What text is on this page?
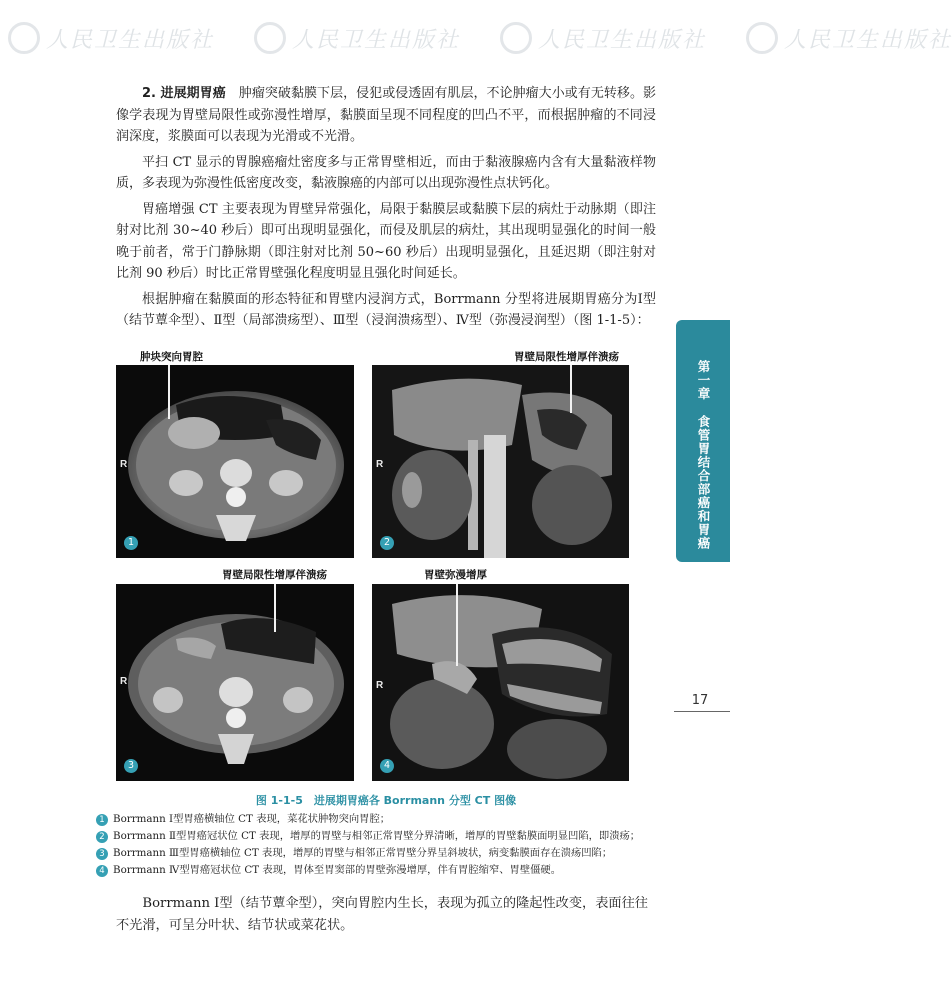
人民卫生出版社	人民卫生出版社	人民卫生出版社	人民卫生出版社

2. 进展期胃癌　 肿瘤突破黏膜下层，侵犯或侵透固有肌层，不论肿瘤大小或有无转移。影像学表现为胃壁局限性或弥漫性增厚，黏膜面呈现不同程度的凹凸不平，而根据肿瘤的不同浸润深度，浆膜面可以表现为光滑或不光滑。

平扫 CT 显示的胃腺癌瘤灶密度多与正常胃壁相近，而由于黏液腺癌内含有大量黏液样物质，多表现为弥漫性低密度改变，黏液腺癌的内部可以出现弥漫性点状钙化。

胃癌增强 CT 主要表现为胃壁异常强化，局限于黏膜层或黏膜下层的病灶于动脉期（即注射对比剂 30~40 秒后）即可出现明显强化，而侵及肌层的病灶，其出现明显强化的时间一般晚于前者，常于门静脉期（即注射对比剂 50~60 秒后）出现明显强化，且延迟期（即注射对比剂 90 秒后）时比正常胃壁强化程度明显且强化时间延长。

根据肿瘤在黏膜面的形态特征和胃壁内浸润方式，Borrmann 分型将进展期胃癌分为Ⅰ型（结节蕈伞型）、Ⅱ型（局部溃疡型）、Ⅲ型（浸润溃疡型）、Ⅳ型（弥漫浸润型）（图 1-1-5）：

第一章
食管胃结合部癌和胃癌
17
肿块突向胃腔
R
1
胃壁局限性增厚伴溃疡
R
2
胃壁局限性增厚伴溃疡
R
3
胃壁弥漫增厚
R
4
图 1-1-5　进展期胃癌各 Borrmann 分型 CT 图像
1 Borrmann Ⅰ型胃癌横轴位 CT 表现，菜花状肿物突向胃腔；
2 Borrmann Ⅱ型胃癌冠状位 CT 表现，增厚的胃壁与相邻正常胃壁分界清晰，增厚的胃壁黏膜面明显凹陷，即溃疡；
3 Borrmann Ⅲ型胃癌横轴位 CT 表现，增厚的胃壁与相邻正常胃壁分界呈斜坡状，病变黏膜面存在溃疡凹陷；
4 Borrmann Ⅳ型胃癌冠状位 CT 表现，胃体至胃窦部的胃壁弥漫增厚，伴有胃腔缩窄、胃壁僵硬。

Borrmann Ⅰ型（结节蕈伞型），突向胃腔内生长，表现为孤立的隆起性改变，表面往往不光滑，可呈分叶状、结节状或菜花状。
